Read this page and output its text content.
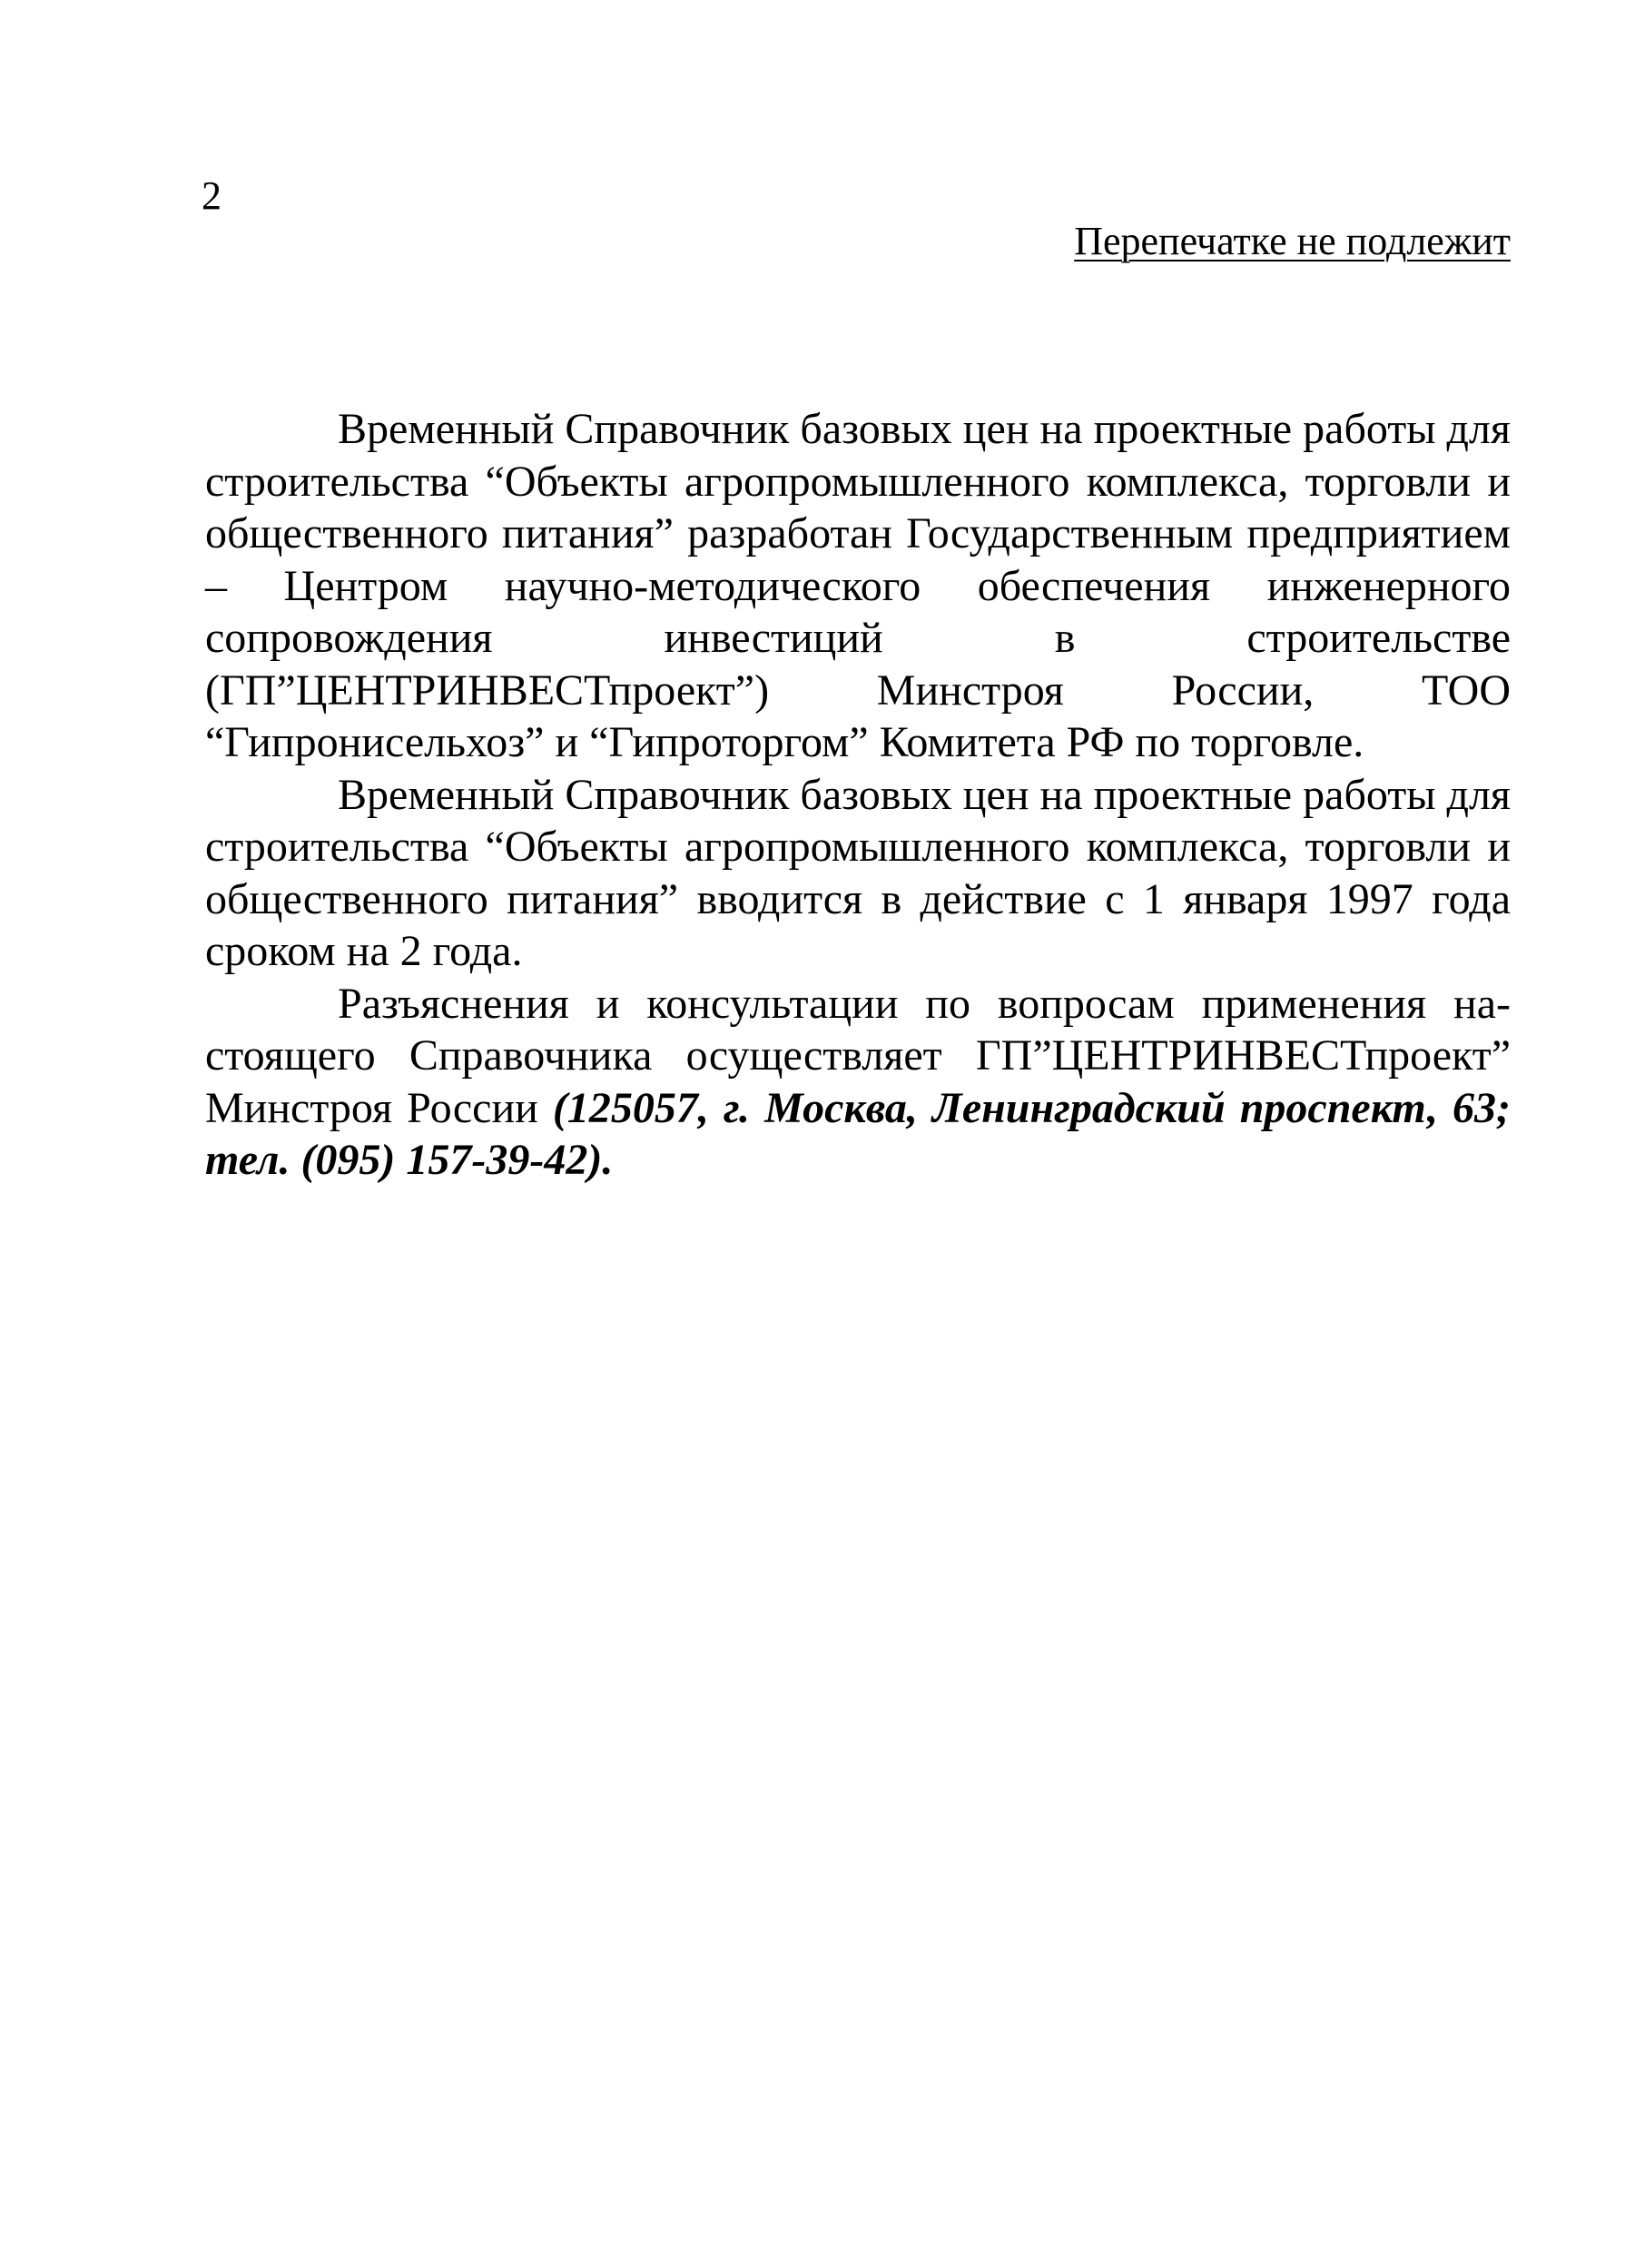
2
Перепечатке не подлежит

Временный Справочник базовых цен на проектные работы для строительства “Объекты агропромышленного комплекса, торговли и общественного питания” разработан Государственным предприятием – Центром научно-методического обеспечения инженерного сопровождения инвестиций в строительстве (ГП”ЦЕНТРИНВЕСТпроект”) Минстроя России, ТОО “Гипронисельхоз” и “Гипроторгом” Комитета РФ по торговле.

Временный Справочник базовых цен на проектные работы для строительства “Объекты агропромышленного комплекса, торговли и общественного питания” вводится в действие с 1 января 1997 года сроком на 2 года.

Разъяснения и консультации по вопросам применения настоящего Справочника осуществляет ГП”ЦЕНТРИНВЕСТпроект” Минстроя России (125057, г. Москва, Ленинградский проспект, 63; тел. (095) 157-39-42).
